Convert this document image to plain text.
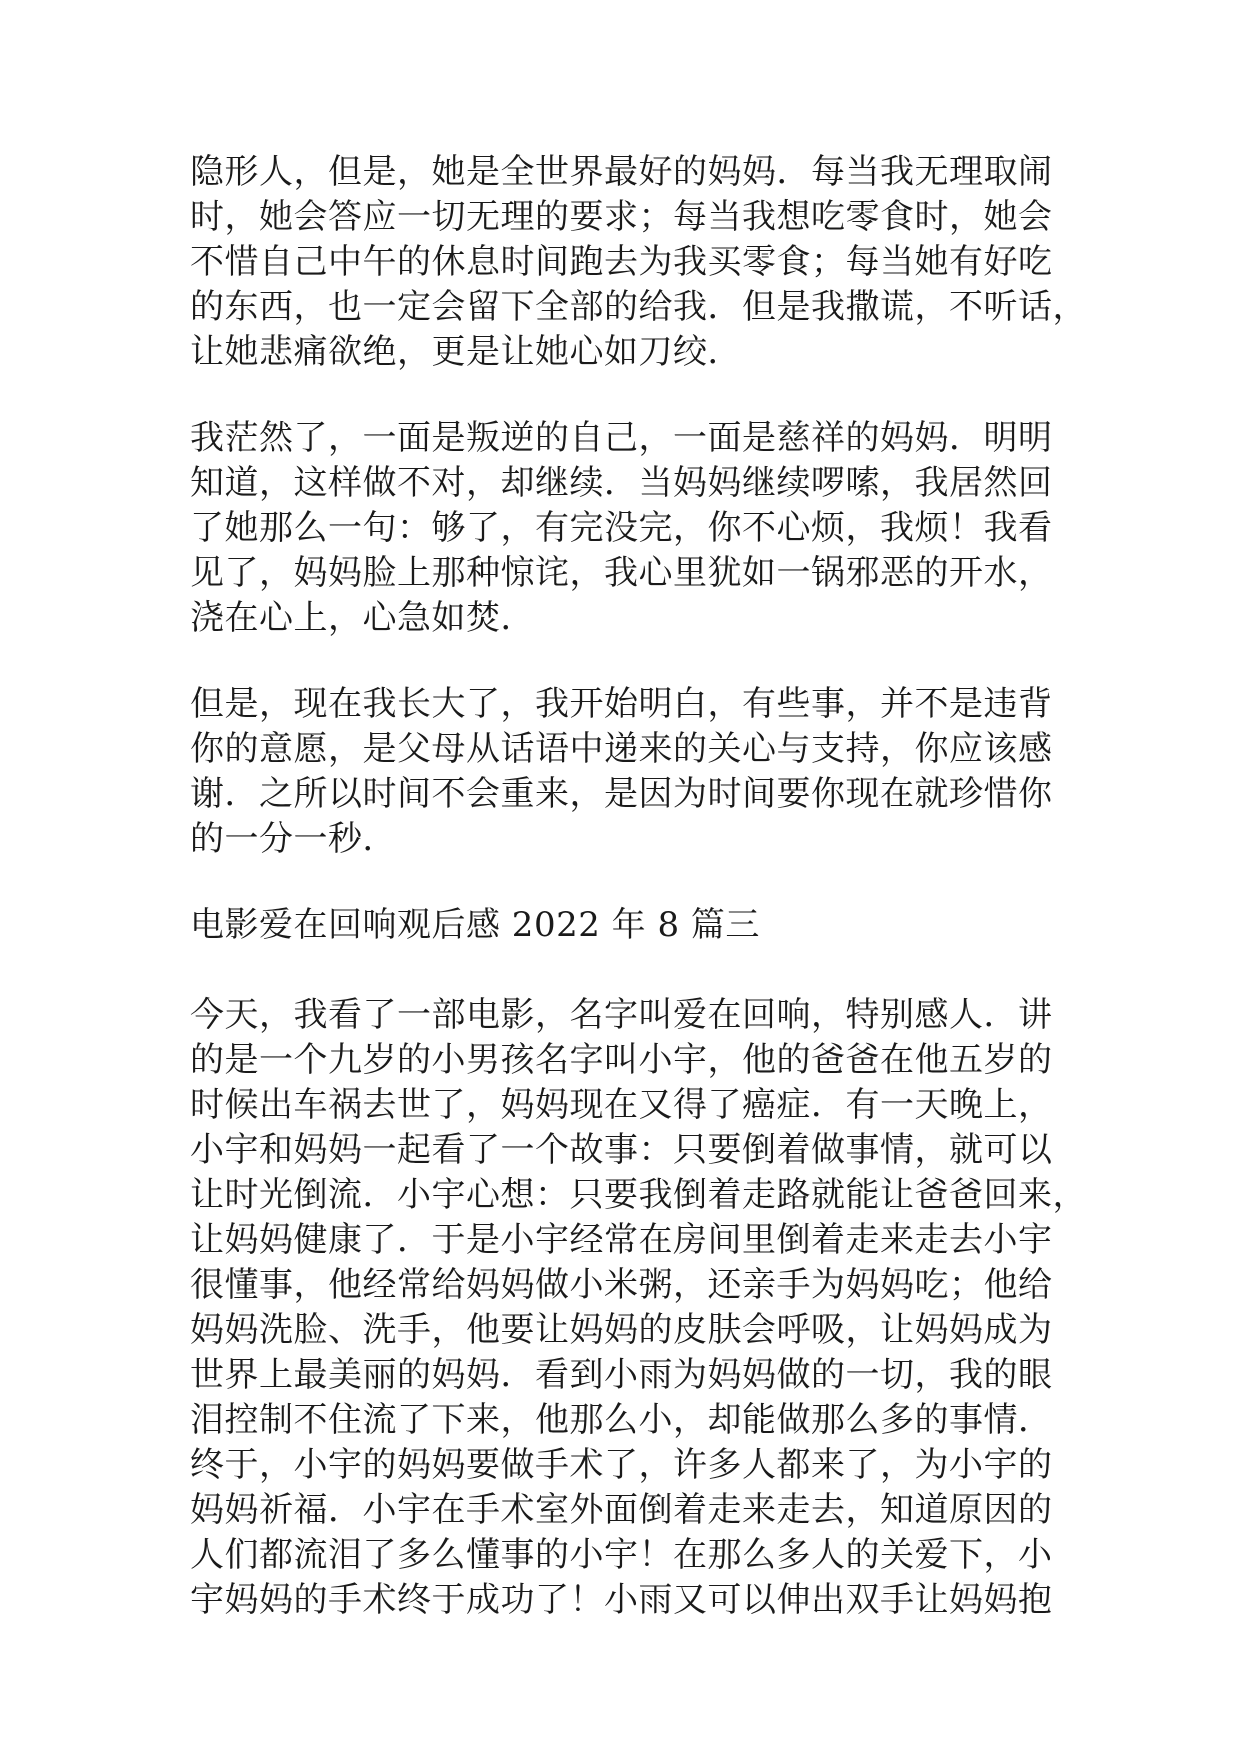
隐形人，但是，她是全世界最好的妈妈．每当我无理取闹
时，她会答应一切无理的要求；每当我想吃零食时，她会
不惜自己中午的休息时间跑去为我买零食；每当她有好吃
的东西，也一定会留下全部的给我．但是我撒谎，不听话，
让她悲痛欲绝，更是让她心如刀绞．
我茫然了，一面是叛逆的自己，一面是慈祥的妈妈．明明
知道，这样做不对，却继续．当妈妈继续啰嗦，我居然回
了她那么一句：够了，有完没完，你不心烦，我烦！我看
见了，妈妈脸上那种惊诧，我心里犹如一锅邪恶的开水，
浇在心上，心急如焚．
但是，现在我长大了，我开始明白，有些事，并不是违背
你的意愿，是父母从话语中递来的关心与支持，你应该感
谢．之所以时间不会重来，是因为时间要你现在就珍惜你
的一分一秒．
电影爱在回响观后感 2022 年 8 篇三
今天，我看了一部电影，名字叫爱在回响，特别感人．讲
的是一个九岁的小男孩名字叫小宇，他的爸爸在他五岁的
时候出车祸去世了，妈妈现在又得了癌症．有一天晚上，
小宇和妈妈一起看了一个故事：只要倒着做事情，就可以
让时光倒流．小宇心想：只要我倒着走路就能让爸爸回来，
让妈妈健康了．于是小宇经常在房间里倒着走来走去小宇
很懂事，他经常给妈妈做小米粥，还亲手为妈妈吃；他给
妈妈洗脸、洗手，他要让妈妈的皮肤会呼吸，让妈妈成为
世界上最美丽的妈妈．看到小雨为妈妈做的一切，我的眼
泪控制不住流了下来，他那么小，却能做那么多的事情．
终于，小宇的妈妈要做手术了，许多人都来了，为小宇的
妈妈祈福．小宇在手术室外面倒着走来走去，知道原因的
人们都流泪了多么懂事的小宇！在那么多人的关爱下，小
宇妈妈的手术终于成功了！小雨又可以伸出双手让妈妈抱
